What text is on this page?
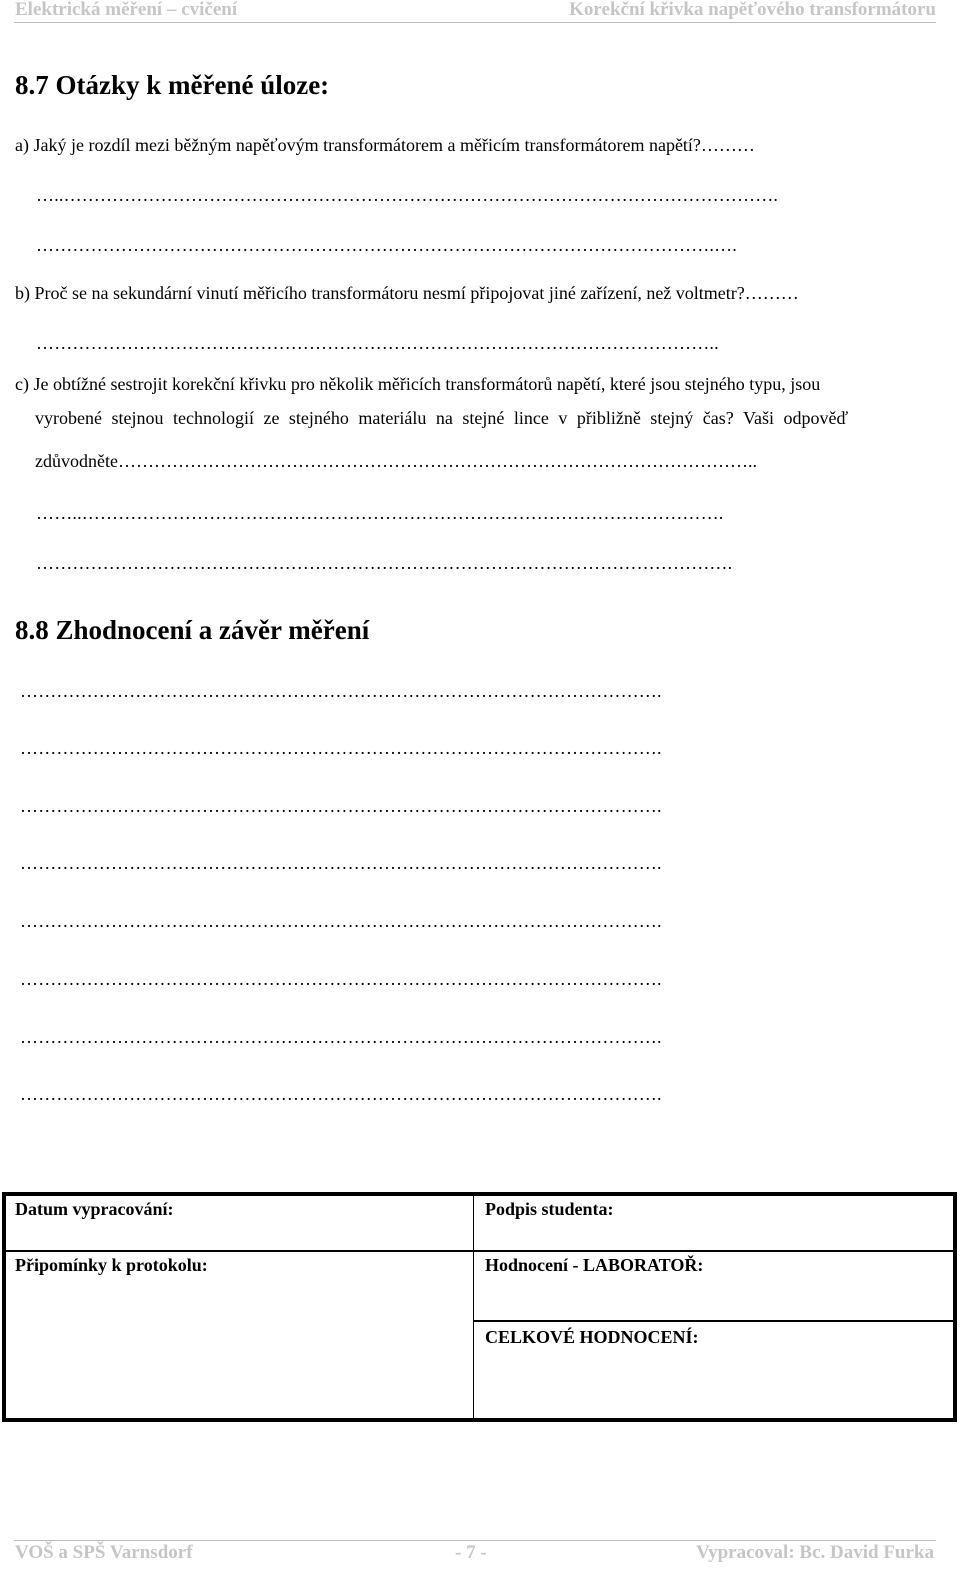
Elektrická měření – cvičení	Korekční křivka napěťového transformátoru
8.7 Otázky k měřené úloze:
a) Jaký je rozdíl mezi běžným napěťovým transformátorem a měřicím transformátorem napětí?………
…..……………………………………………………………………………………………………….
………………………………………………………………………………………………….….
b) Proč se na sekundární vinutí měřicího transformátoru nesmí připojovat jiné zařízení, než voltmetr?………
…………………………………………………………………………………………………..
c) Je obtížné sestrojit korekční křivku pro několik měřicích transformátorů napětí, které jsou stejného typu, jsou
vyrobené stejnou technologií ze stejného materiálu na stejné lince v přibližně stejný čas? Vaši odpověď
zdůvodněte……………………………………………………………………………………………..
……..…………………………………………………………………………………………….
…………………………………………………………………………………………………….
8.8 Zhodnocení a závěr měření
…………………………………………………………………………………………….
…………………………………………………………………………………………….
…………………………………………………………………………………………….
…………………………………………………………………………………………….
…………………………………………………………………………………………….
…………………………………………………………………………………………….
…………………………………………………………………………………………….
…………………………………………………………………………………………….
Datum vypracování:	Podpis studenta:
Připomínky k protokolu:	Hodnocení - LABORATOŘ:
CELKOVÉ HODNOCENÍ:
VOŠ a SPŠ Varnsdorf	- 7 -	Vypracoval: Bc. David Furka
